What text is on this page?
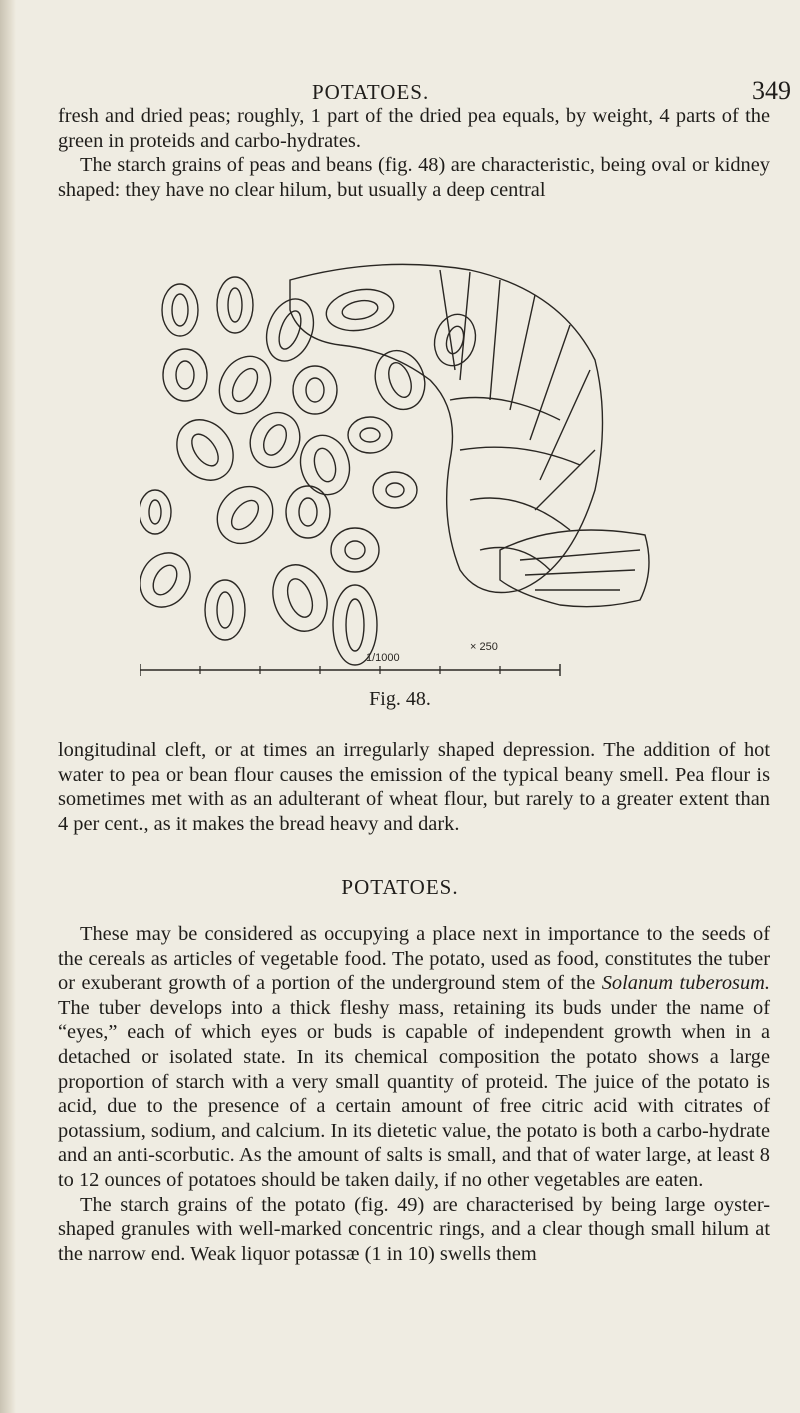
POTATOES.	349

fresh and dried peas; roughly, 1 part of the dried pea equals, by weight, 4 parts of the green in proteids and carbo-hydrates.

The starch grains of peas and beans (fig. 48) are characteristic, being oval or kidney shaped: they have no clear hilum, but usually a deep central

× 250
1/1000
Fig. 48.

longitudinal cleft, or at times an irregularly shaped depression. The addition of hot water to pea or bean flour causes the emission of the typical beany smell. Pea flour is sometimes met with as an adulterant of wheat flour, but rarely to a greater extent than 4 per cent., as it makes the bread heavy and dark.

POTATOES.

These may be considered as occupying a place next in importance to the seeds of the cereals as articles of vegetable food. The potato, used as food, constitutes the tuber or exuberant growth of a portion of the underground stem of the Solanum tuberosum. The tuber develops into a thick fleshy mass, retaining its buds under the name of “eyes,” each of which eyes or buds is capable of independent growth when in a detached or isolated state. In its chemical composition the potato shows a large proportion of starch with a very small quantity of proteid. The juice of the potato is acid, due to the presence of a certain amount of free citric acid with citrates of potassium, sodium, and calcium. In its dietetic value, the potato is both a carbo-hydrate and an anti-scorbutic. As the amount of salts is small, and that of water large, at least 8 to 12 ounces of potatoes should be taken daily, if no other vegetables are eaten.

The starch grains of the potato (fig. 49) are characterised by being large oyster-shaped granules with well-marked concentric rings, and a clear though small hilum at the narrow end. Weak liquor potassæ (1 in 10) swells them
